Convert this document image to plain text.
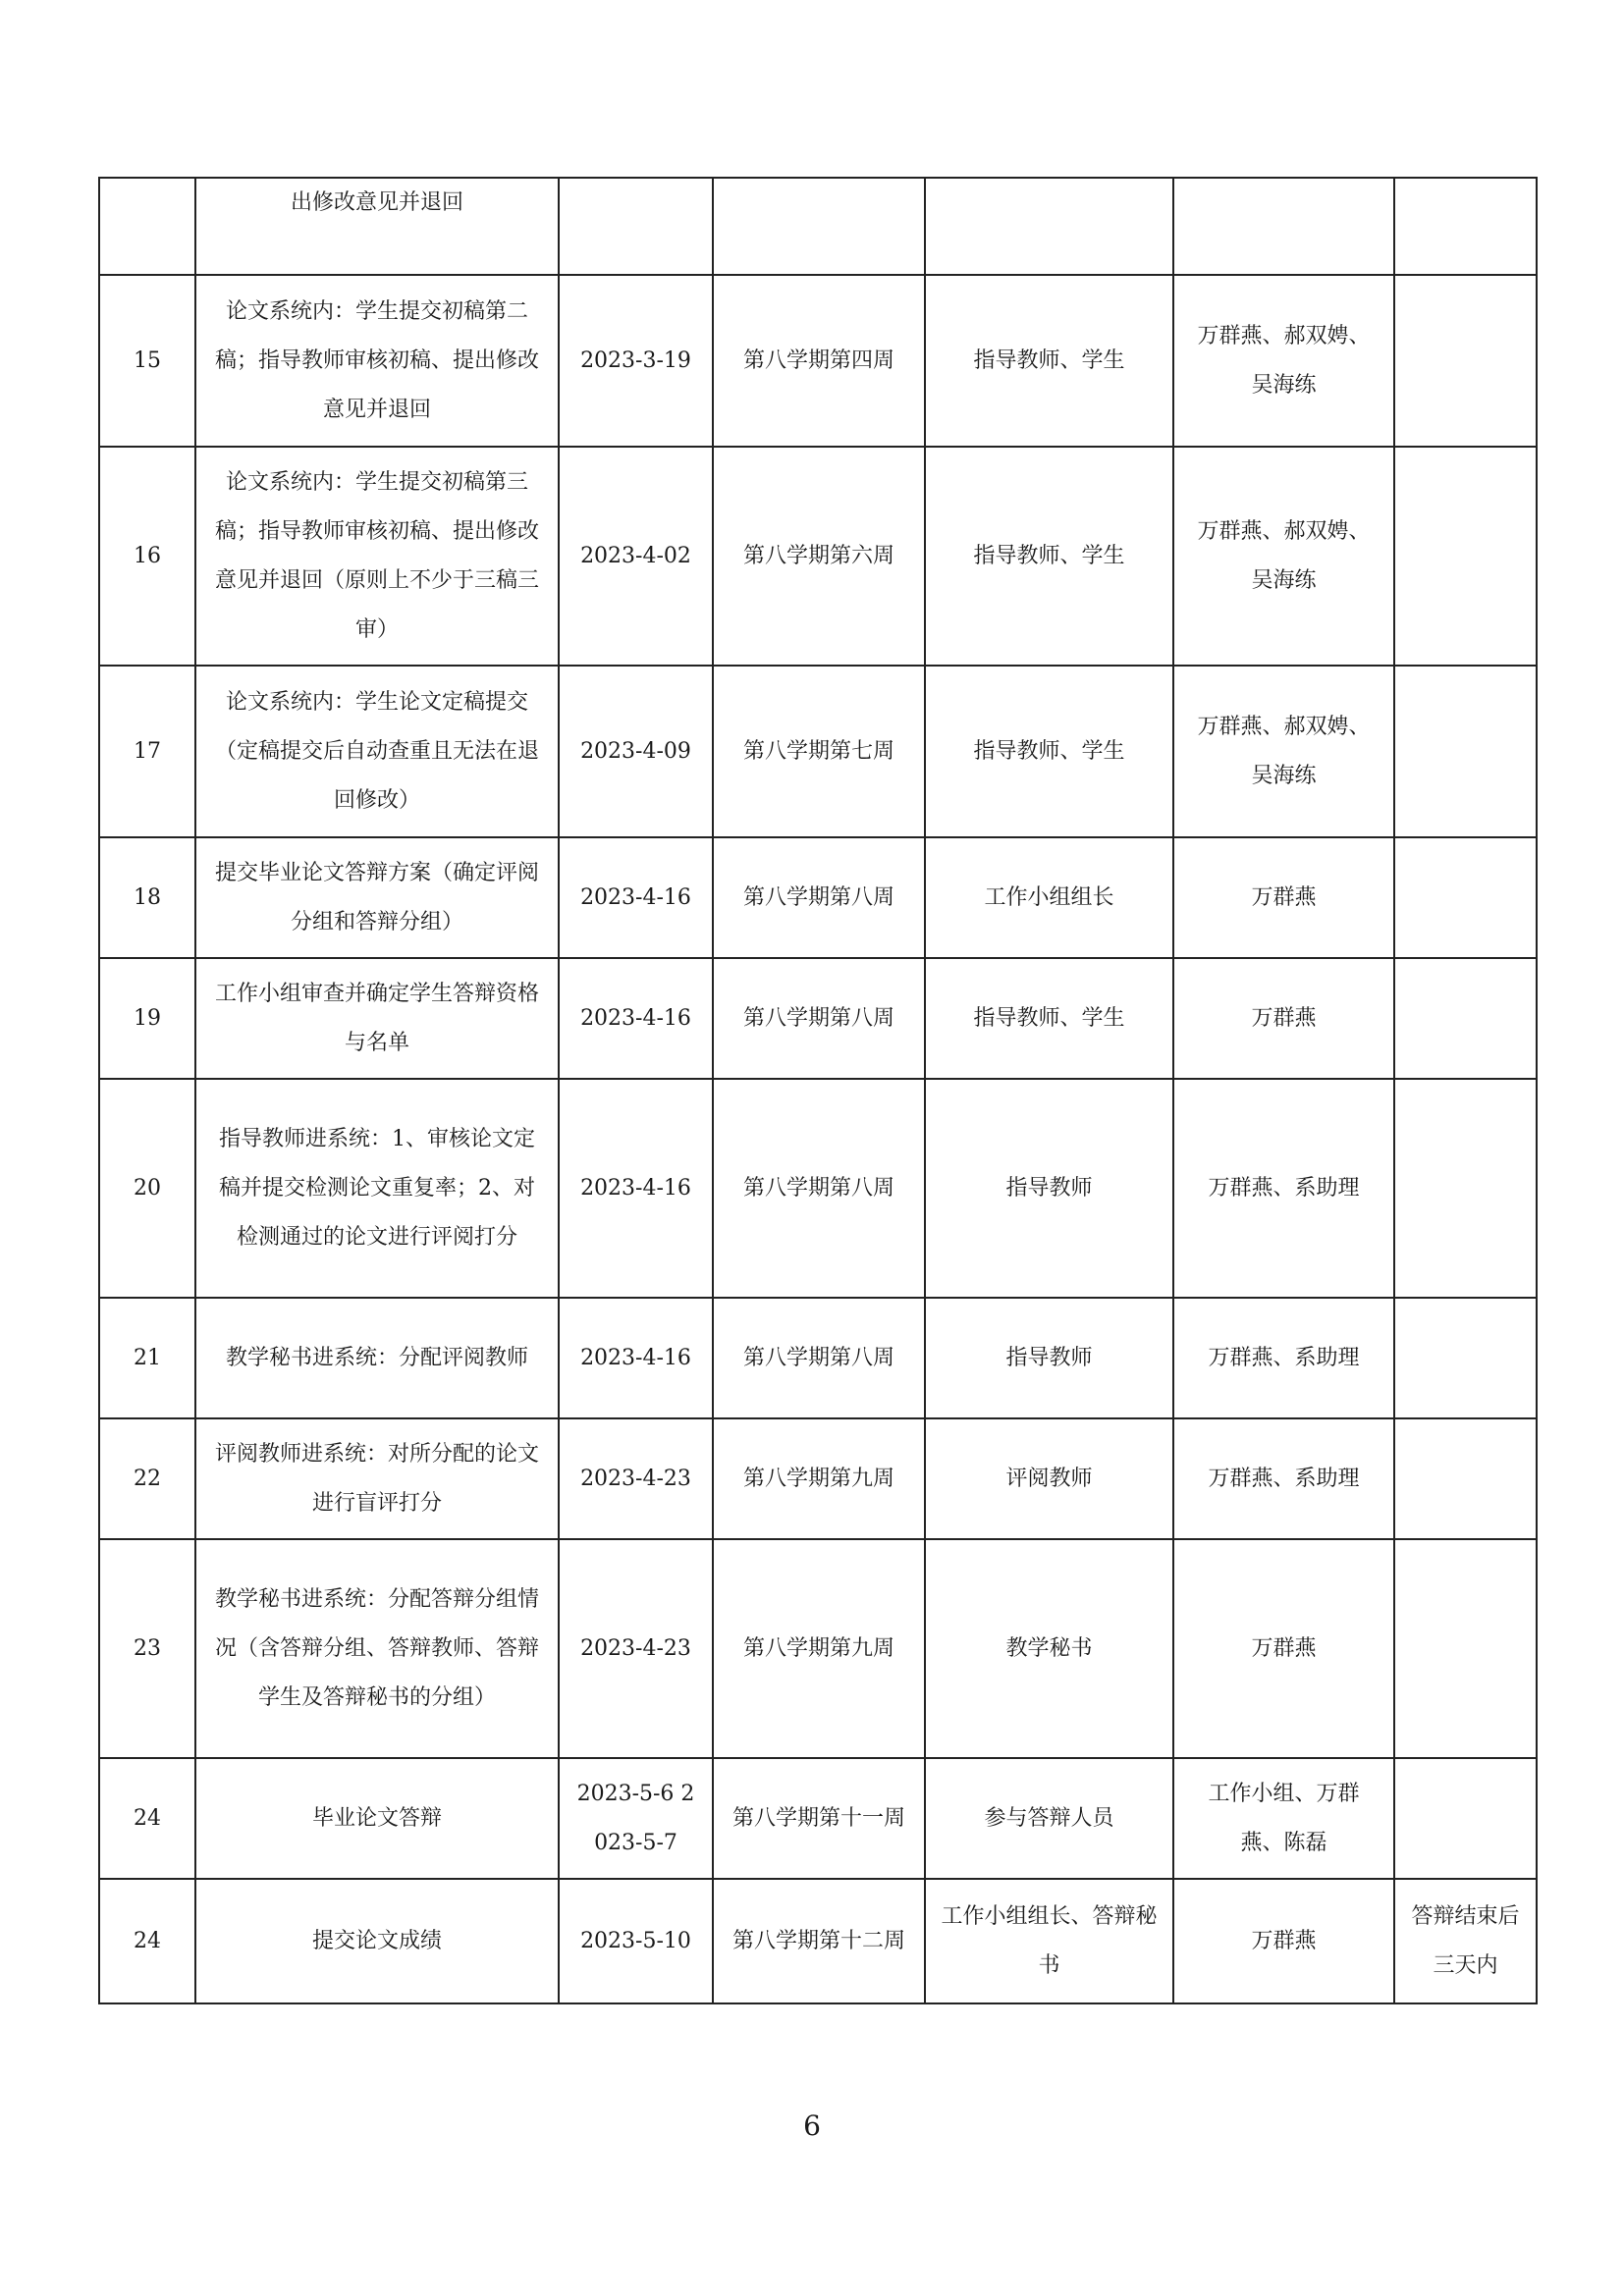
	出修改意见并退回					
15	论文系统内：学生提交初稿第二稿；指导教师审核初稿、提出修改意见并退回	2023-3-19	第八学期第四周	指导教师、学生	万群燕、郝双娉、吴海练	
16	论文系统内：学生提交初稿第三稿；指导教师审核初稿、提出修改意见并退回（原则上不少于三稿三审）	2023-4-02	第八学期第六周	指导教师、学生	万群燕、郝双娉、吴海练	
17	论文系统内：学生论文定稿提交（定稿提交后自动查重且无法在退回修改）	2023-4-09	第八学期第七周	指导教师、学生	万群燕、郝双娉、吴海练	
18	提交毕业论文答辩方案（确定评阅分组和答辩分组）	2023-4-16	第八学期第八周	工作小组组长	万群燕	
19	工作小组审查并确定学生答辩资格与名单	2023-4-16	第八学期第八周	指导教师、学生	万群燕	
20	指导教师进系统：1、审核论文定稿并提交检测论文重复率；2、对检测通过的论文进行评阅打分	2023-4-16	第八学期第八周	指导教师	万群燕、系助理	
21	教学秘书进系统：分配评阅教师	2023-4-16	第八学期第八周	指导教师	万群燕、系助理	
22	评阅教师进系统：对所分配的论文进行盲评打分	2023-4-23	第八学期第九周	评阅教师	万群燕、系助理	
23	教学秘书进系统：分配答辩分组情况（含答辩分组、答辩教师、答辩学生及答辩秘书的分组）	2023-4-23	第八学期第九周	教学秘书	万群燕	
24	毕业论文答辩	2023-5-6 2023-5-7	第八学期第十一周	参与答辩人员	工作小组、万群燕、陈磊	
24	提交论文成绩	2023-5-10	第八学期第十二周	工作小组组长、答辩秘书	万群燕	答辩结束后三天内
6
